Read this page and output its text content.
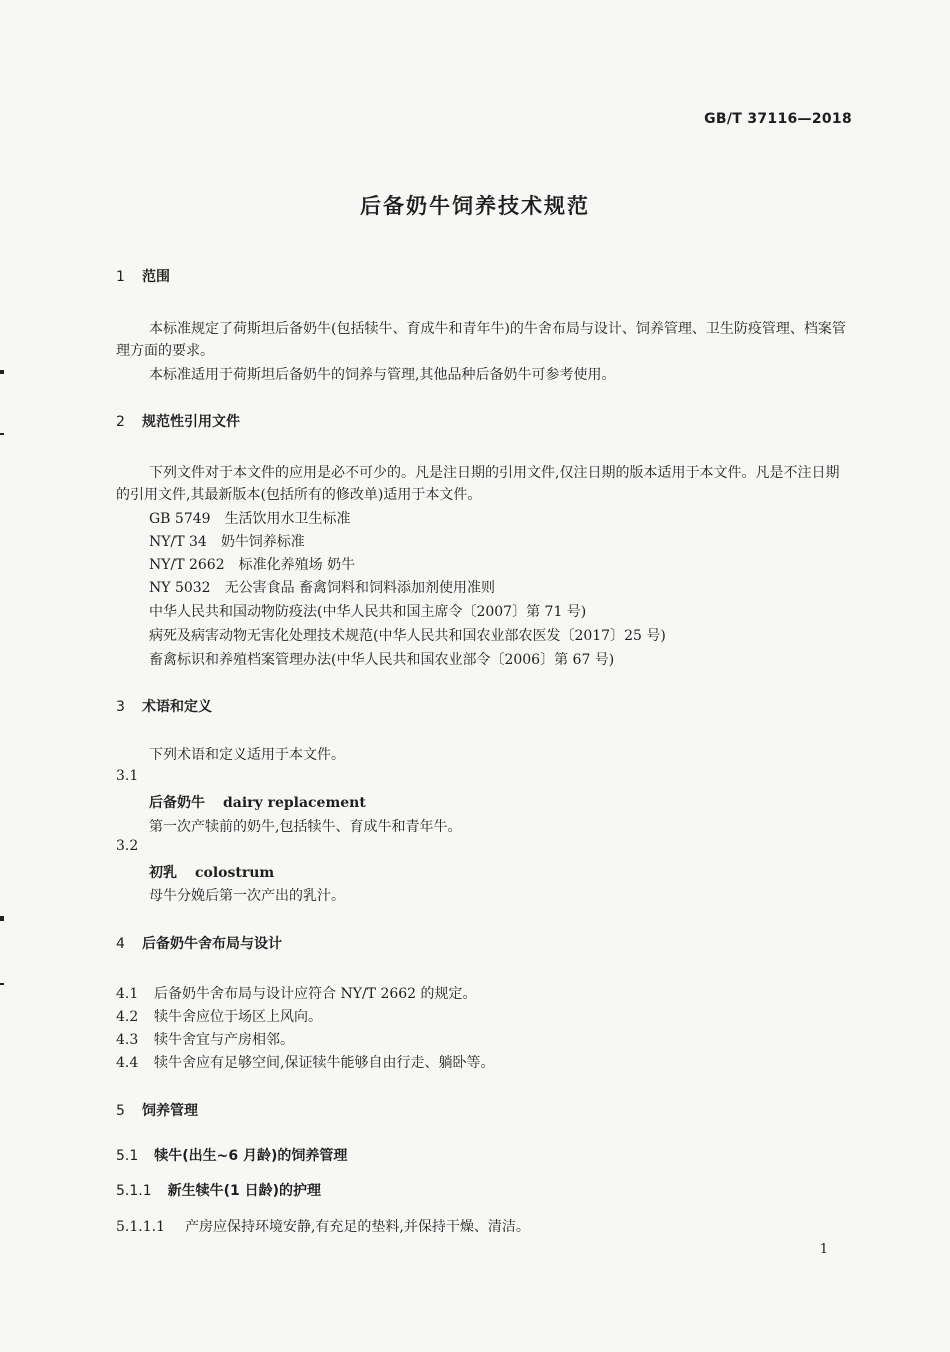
GB/T 37116—2018
后备奶牛饲养技术规范
1 范围
本标准规定了荷斯坦后备奶牛(包括犊牛、育成牛和青年牛)的牛舍布局与设计、饲养管理、卫生防疫管理、档案管理方面的要求。
本标准适用于荷斯坦后备奶牛的饲养与管理,其他品种后备奶牛可参考使用。
2 规范性引用文件
下列文件对于本文件的应用是必不可少的。凡是注日期的引用文件,仅注日期的版本适用于本文件。凡是不注日期的引用文件,其最新版本(包括所有的修改单)适用于本文件。
GB 5749 生活饮用水卫生标准
NY/T 34 奶牛饲养标准
NY/T 2662 标准化养殖场 奶牛
NY 5032 无公害食品 畜禽饲料和饲料添加剂使用准则
中华人民共和国动物防疫法(中华人民共和国主席令〔2007〕第 71 号)
病死及病害动物无害化处理技术规范(中华人民共和国农业部农医发〔2017〕25 号)
畜禽标识和养殖档案管理办法(中华人民共和国农业部令〔2006〕第 67 号)
3 术语和定义
下列术语和定义适用于本文件。
3.1
后备奶牛 dairy replacement
第一次产犊前的奶牛,包括犊牛、育成牛和青年牛。
3.2
初乳 colostrum
母牛分娩后第一次产出的乳汁。
4 后备奶牛舍布局与设计
4.1 后备奶牛舍布局与设计应符合 NY/T 2662 的规定。
4.2 犊牛舍应位于场区上风向。
4.3 犊牛舍宜与产房相邻。
4.4 犊牛舍应有足够空间,保证犊牛能够自由行走、躺卧等。
5 饲养管理
5.1 犊牛(出生~6 月龄)的饲养管理
5.1.1 新生犊牛(1 日龄)的护理
5.1.1.1 产房应保持环境安静,有充足的垫料,并保持干燥、清洁。
1
